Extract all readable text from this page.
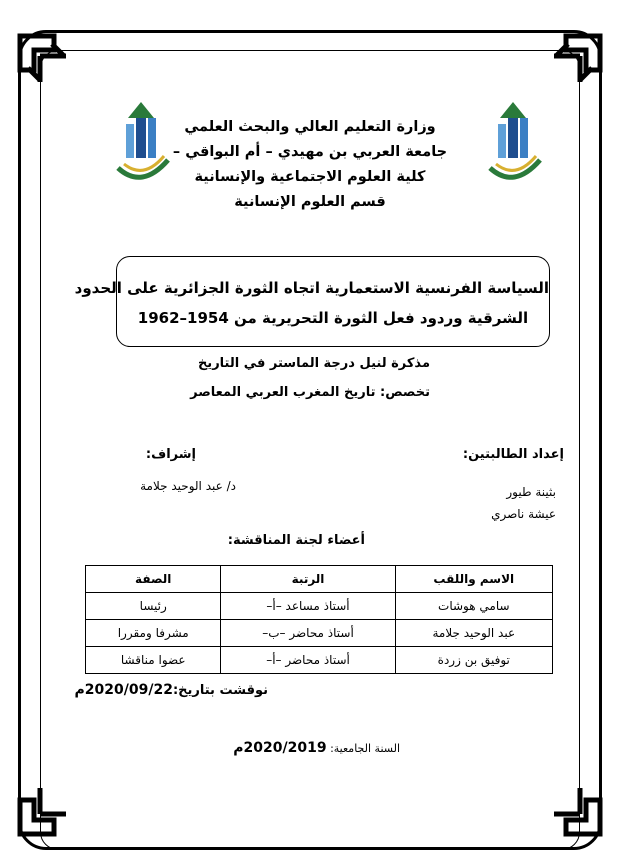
وزارة التعليم العالي والبحث العلمي
جامعة العربي بن مهيدي – أم البواقي –
كلية العلوم الاجتماعية والإنسانية
قسم العلوم الإنسانية
السياسة الفرنسية الاستعمارية اتجاه الثورة الجزائرية على الحدود
الشرقية وردود فعل الثورة التحريرية من 1954–1962
مذكرة لنيل درجة الماستر في التاريخ
تخصص: تاريخ المغرب العربي المعاصر
إعداد الطالبتين:
بثينة طيور
عيشة ناصري
إشراف:
د/ عبد الوحيد جلامة
أعضاء لجنة المناقشة:
الاسم واللقب	الرتبة	الصفة
سامي هوشات	أستاذ مساعد –أ–	رئيسا
عبد الوحيد جلامة	أستاذ محاضر –ب–	مشرفا ومقررا
توفيق بن زردة	أستاذ محاضر –أ–	عضوا مناقشا
نوقشت بتاريخ:2020/09/22م
السنة الجامعية: 2020/2019م
